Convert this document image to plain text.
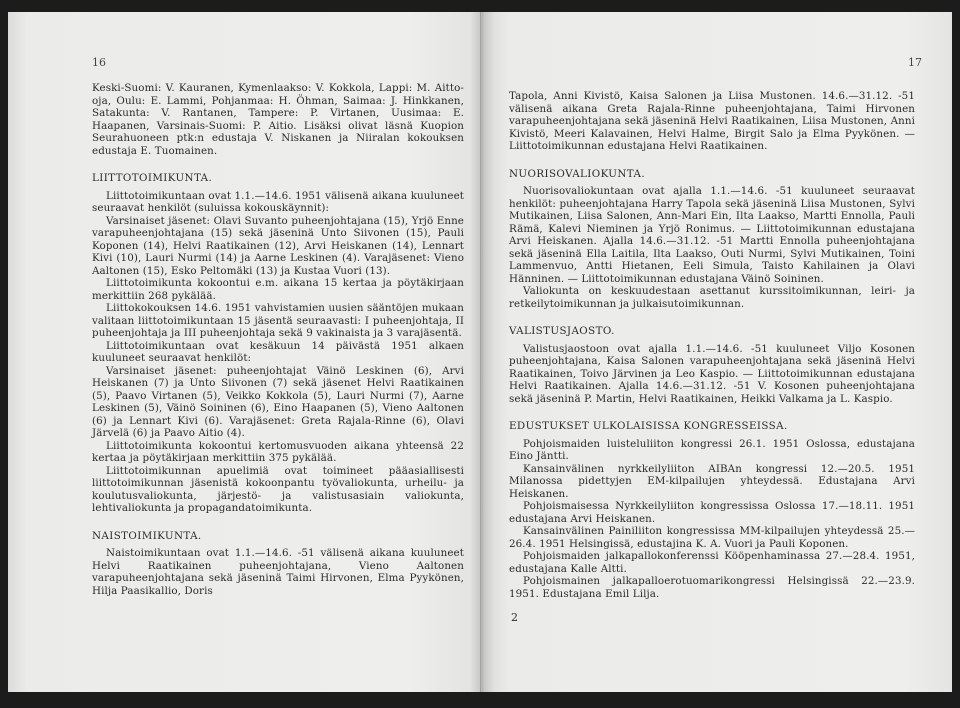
16

Keski-Suomi: V. Kauranen, Kymenlaakso: V. Kokkola, Lappi: M. Aitto-oja, Oulu: E. Lammi, Pohjanmaa: H. Öhman, Saimaa: J. Hinkkanen, Satakunta: V. Rantanen, Tampere: P. Virtanen, Uusimaa: E. Haapanen, Varsinais-Suomi: P. Aitio. Lisäksi olivat läsnä Kuopion Seurahuoneen ptk:n edustaja V. Niskanen ja Niiralan kokouksen edustaja E. Tuomainen.

LIITTOTOIMIKUNTA.

Liittotoimikuntaan ovat 1.1.—14.6. 1951 välisenä aikana kuuluneet seuraavat henkilöt (suluissa kokouskäynnit):

Varsinaiset jäsenet: Olavi Suvanto puheenjohtajana (15), Yrjö Enne varapuheenjohtajana (15) sekä jäseninä Unto Siivonen (15), Pauli Koponen (14), Helvi Raatikainen (12), Arvi Heiskanen (14), Lennart Kivi (10), Lauri Nurmi (14) ja Aarne Leskinen (4). Varajäsenet: Vieno Aaltonen (15), Esko Peltomäki (13) ja Kustaa Vuori (13).

Liittotoimikunta kokoontui e.m. aikana 15 kertaa ja pöytäkirjaan merkittiin 268 pykälää.

Liittokokouksen 14.6. 1951 vahvistamien uusien sääntöjen mukaan valitaan liittotoimikuntaan 15 jäsentä seuraavasti: I puheenjohtaja, II puheenjohtaja ja III puheenjohtaja sekä 9 vakinaista ja 3 varajäsentä.

Liittotoimikuntaan ovat kesäkuun 14 päivästä 1951 alkaen kuuluneet seuraavat henkilöt:

Varsinaiset jäsenet: puheenjohtajat Väinö Leskinen (6), Arvi Heiskanen (7) ja Unto Siivonen (7) sekä jäsenet Helvi Raatikainen (5), Paavo Virtanen (5), Veikko Kokkola (5), Lauri Nurmi (7), Aarne Leskinen (5), Väinö Soininen (6), Eino Haapanen (5), Vieno Aaltonen (6) ja Lennart Kivi (6). Varajäsenet: Greta Rajala-Rinne (6), Olavi Järvelä (6) ja Paavo Aitio (4).

Liittotoimikunta kokoontui kertomusvuoden aikana yhteensä 22 kertaa ja pöytäkirjaan merkittiin 375 pykälää.

Liittotoimikunnan apuelimiä ovat toimineet pääasiallisesti liittotoimikunnan jäsenistä kokoonpantu työvaliokunta, urheilu- ja koulutusvaliokunta, järjestö- ja valistusasiain valiokunta, lehtivaliokunta ja propagandatoimikunta.

NAISTOIMIKUNTA.

Naistoimikuntaan ovat 1.1.—14.6. -51 välisenä aikana kuuluneet Helvi Raatikainen puheenjohtajana, Vieno Aaltonen varapuheenjohtajana sekä jäseninä Taimi Hirvonen, Elma Pyykönen, Hilja Paasikallio, Doris

17

Tapola, Anni Kivistö, Kaisa Salonen ja Liisa Mustonen. 14.6.—31.12. -51 välisenä aikana Greta Rajala-Rinne puheenjohtajana, Taimi Hirvonen varapuheenjohtajana sekä jäseninä Helvi Raatikainen, Liisa Mustonen, Anni Kivistö, Meeri Kalavainen, Helvi Halme, Birgit Salo ja Elma Pyykönen. — Liittotoimikunnan edustajana Helvi Raatikainen.

NUORISOVALIOKUNTA.

Nuorisovaliokuntaan ovat ajalla 1.1.—14.6. -51 kuuluneet seuraavat henkilöt: puheenjohtajana Harry Tapola sekä jäseninä Liisa Mustonen, Sylvi Mutikainen, Liisa Salonen, Ann-Mari Ein, Ilta Laakso, Martti Ennolla, Pauli Rämä, Kalevi Nieminen ja Yrjö Ronimus. — Liittotoimikunnan edustajana Arvi Heiskanen. Ajalla 14.6.—31.12. -51 Martti Ennolla puheenjohtajana sekä jäseninä Ella Laitila, Ilta Laakso, Outi Nurmi, Sylvi Mutikainen, Toini Lammenvuo, Antti Hietanen, Eeli Simula, Taisto Kahilainen ja Olavi Hänninen. — Liittotoimikunnan edustajana Väinö Soininen.

Valiokunta on keskuudestaan asettanut kurssitoimikunnan, leiri- ja retkeilytoimikunnan ja julkaisutoimikunnan.

VALISTUSJAOSTO.

Valistusjaostoon ovat ajalla 1.1.—14.6. -51 kuuluneet Viljo Kosonen puheenjohtajana, Kaisa Salonen varapuheenjohtajana sekä jäseninä Helvi Raatikainen, Toivo Järvinen ja Leo Kaspio. — Liittotoimikunnan edustajana Helvi Raatikainen. Ajalla 14.6.—31.12. -51 V. Kosonen puheenjohtajana sekä jäseninä P. Martin, Helvi Raatikainen, Heikki Valkama ja L. Kaspio.

EDUSTUKSET ULKOLAISISSA KONGRESSEISSA.

Pohjoismaiden luisteluliiton kongressi 26.1. 1951 Oslossa, edustajana Eino Jäntti.

Kansainvälinen nyrkkeilyliiton AIBAn kongressi 12.—20.5. 1951 Milanossa pidettyjen EM-kilpailujen yhteydessä. Edustajana Arvi Heiskanen.

Pohjoismaisessa Nyrkkeilyliiton kongressissa Oslossa 17.—18.11. 1951 edustajana Arvi Heiskanen.

Kansainvälinen Painiliiton kongressissa MM-kilpailujen yhteydessä 25.—26.4. 1951 Helsingissä, edustajina K. A. Vuori ja Pauli Koponen.

Pohjoismaiden jalkapallokonferenssi Kööpenhaminassa 27.—28.4. 1951, edustajana Kalle Altti.

Pohjoismainen jalkapalloerotuomarikongressi Helsingissä 22.—23.9. 1951. Edustajana Emil Lilja.

2
